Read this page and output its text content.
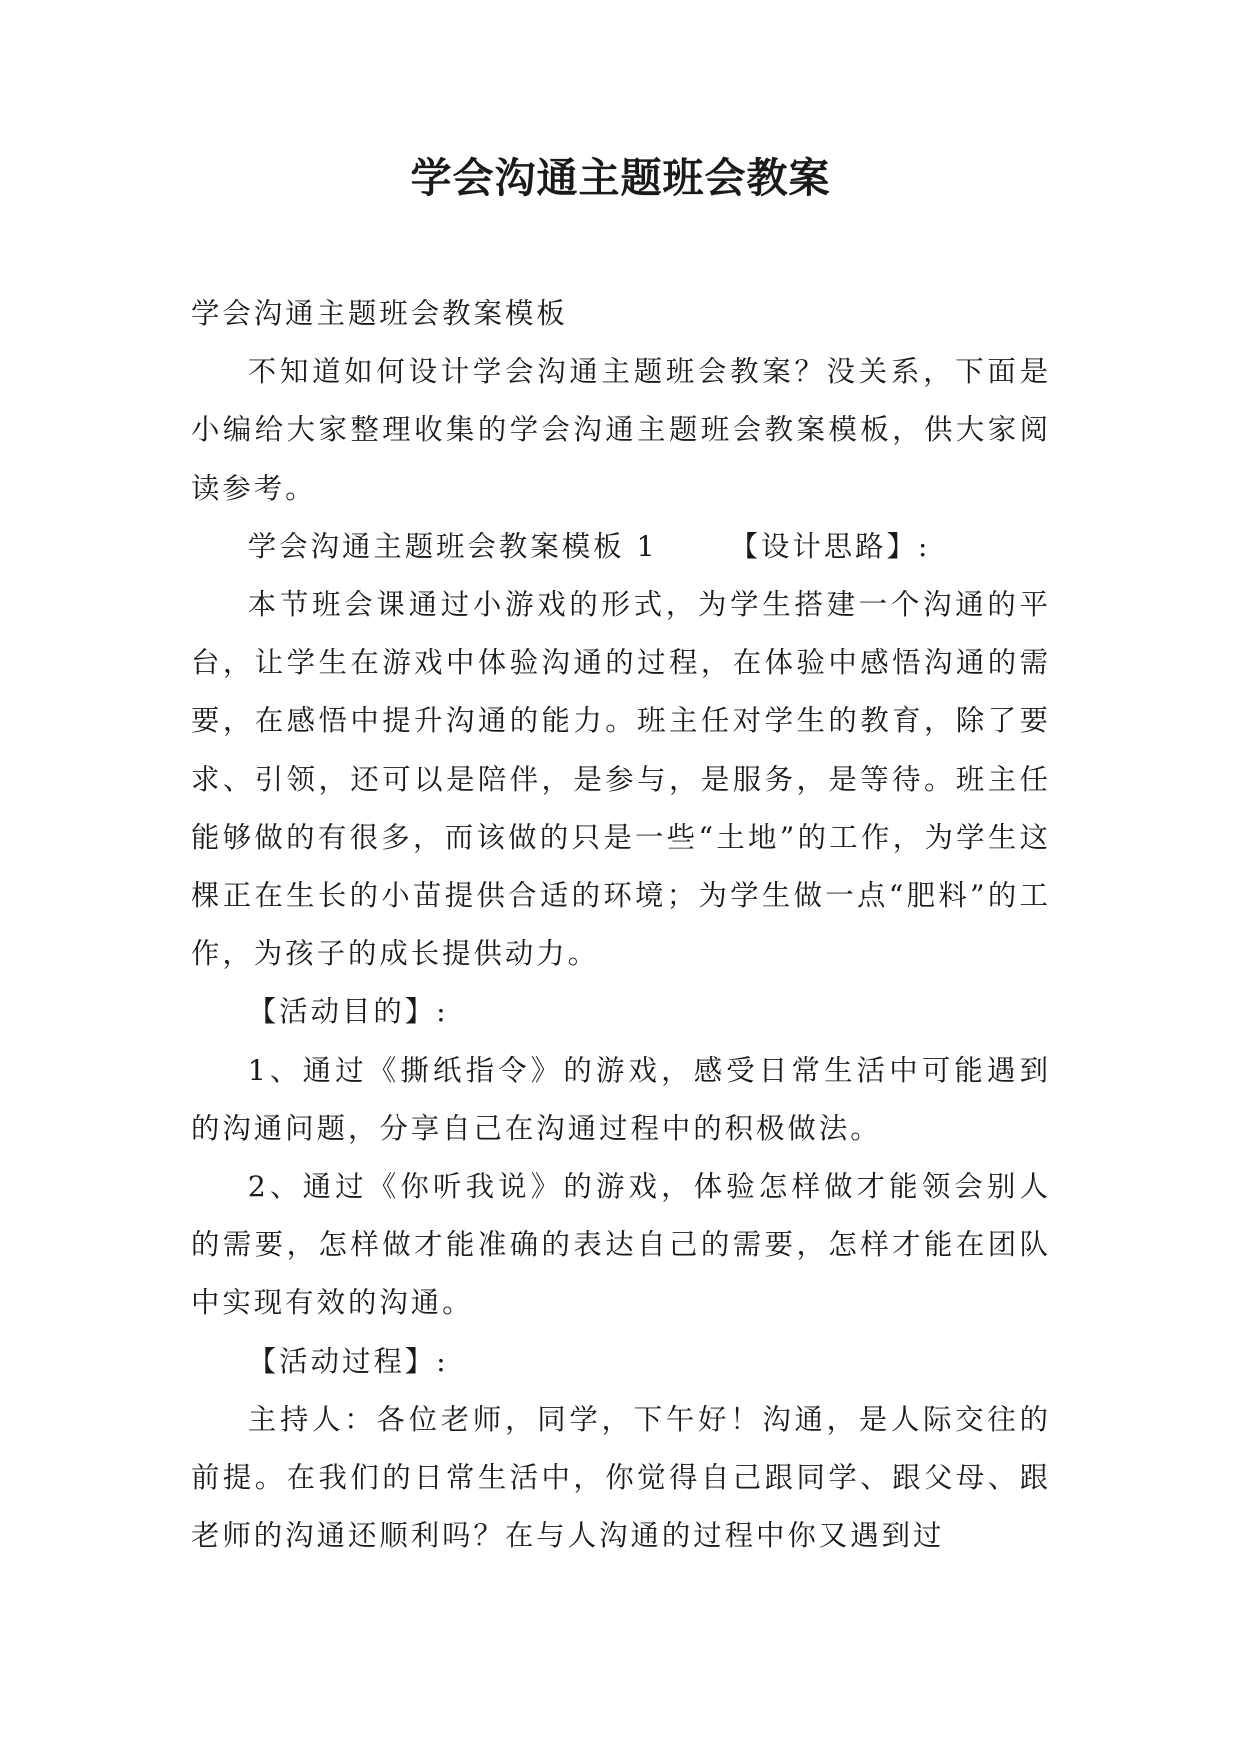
学会沟通主题班会教案

学会沟通主题班会教案模板

不知道如何设计学会沟通主题班会教案？没关系，下面是小编给大家整理收集的学会沟通主题班会教案模板，供大家阅读参考。

学会沟通主题班会教案模板 1	【设计思路】:

本节班会课通过小游戏的形式，为学生搭建一个沟通的平台，让学生在游戏中体验沟通的过程，在体验中感悟沟通的需要，在感悟中提升沟通的能力。班主任对学生的教育，除了要求、引领，还可以是陪伴，是参与，是服务，是等待。班主任能够做的有很多，而该做的只是一些“土地”的工作，为学生这棵正在生长的小苗提供合适的环境；为学生做一点“肥料”的工作，为孩子的成长提供动力。

【活动目的】:

1、通过《撕纸指令》的游戏，感受日常生活中可能遇到的沟通问题，分享自己在沟通过程中的积极做法。

2、通过《你听我说》的游戏，体验怎样做才能领会别人的需要，怎样做才能准确的表达自己的需要，怎样才能在团队中实现有效的沟通。

【活动过程】:

主持人：各位老师，同学，下午好！沟通，是人际交往的前提。在我们的日常生活中，你觉得自己跟同学、跟父母、跟老师的沟通还顺利吗？在与人沟通的过程中你又遇到过
